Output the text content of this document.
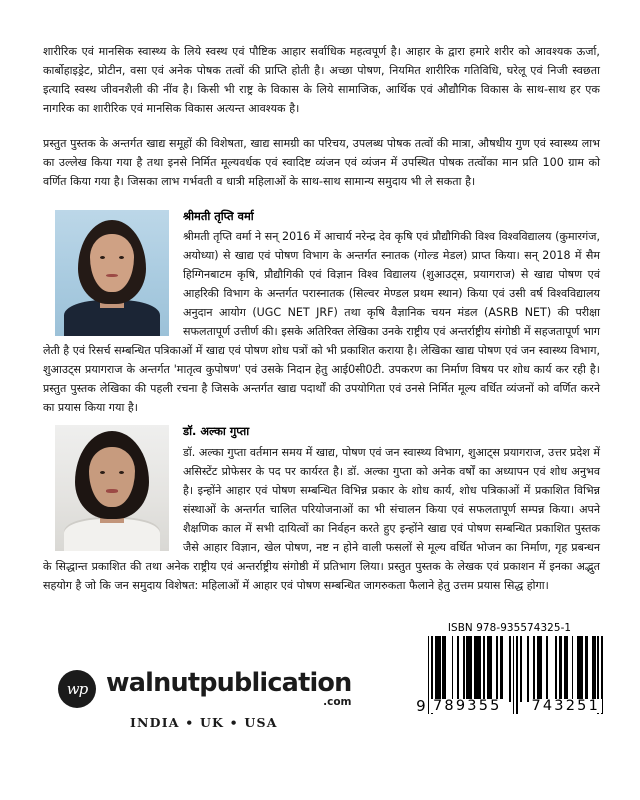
शारीरिक एवं मानसिक स्वास्थ्य के लिये स्वस्थ एवं पौष्टिक आहार सर्वाधिक महत्वपूर्ण है। आहार के द्वारा हमारे शरीर को आवश्यक ऊर्जा, कार्बोहाइड्रेट, प्रोटीन, वसा एवं अनेक पोषक तत्वों की प्राप्ति होती है। अच्छा पोषण, नियमित शारीरिक गतिविधि, घरेलू एवं निजी स्वछता इत्यादि स्वस्थ जीवनशैली की नींव है। किसी भी राष्ट्र के विकास के लिये सामाजिक, आर्थिक एवं औद्यौगिक विकास के साथ-साथ हर एक नागरिक का शारीरिक एवं मानसिक विकास अत्यन्त आवश्यक है।

प्रस्तुत पुस्तक के अन्तर्गत खाद्य समूहों की विशेषता, खाद्य सामग्री का परिचय, उपलब्ध पोषक तत्वों की मात्रा, औषधीय गुण एवं स्वास्थ्य लाभ का उल्लेख किया गया है तथा इनसे निर्मित मूल्यवर्धक एवं स्वादिष्ट व्यंजन एवं व्यंजन में उपस्थित पोषक तत्वोंका मान प्रति 100 ग्राम को वर्णित किया गया है। जिसका लाभ गर्भवती व धात्री महिलाओं के साथ-साथ सामान्य समुदाय भी ले सकता है।

श्रीमती तृप्ति वर्मा

श्रीमती तृप्ति वर्मा ने सन् 2016 में आचार्य नरेन्द्र देव कृषि एवं प्रौद्यौगिकी विश्व विश्वविद्यालय (कुमारगंज, अयोध्या) से खाद्य एवं पोषण विभाग के अन्तर्गत स्नातक (गोल्ड मेडल) प्राप्त किया। सन् 2018 में सैम हिग्गिनबाटम कृषि, प्रौद्यौगिकी एवं विज्ञान विश्व विद्यालय (शुआउट्स, प्रयागराज) से खाद्य पोषण एवं आहरिकी विभाग के अन्तर्गत परास्नातक (सिल्वर मेण्डल प्रथम स्थान) किया एवं उसी वर्ष विश्वविद्यालय अनुदान आयोग (UGC NET JRF) तथा कृषि वैज्ञानिक चयन मंडल (ASRB NET) की परीक्षा सफलतापूर्ण उत्तीर्ण की। इसके अतिरिक्त लेखिका उनके राष्ट्रीय एवं अन्तर्राष्ट्रीय संगोष्ठी में सहजतापूर्ण भाग लेती है एवं रिसर्च सम्बन्धित पत्रिकाओं में खाद्य एवं पोषण शोध पत्रों को भी प्रकाशित कराया है। लेखिका खाद्य पोषण एवं जन स्वास्थ्य विभाग, शुआउट्स प्रयागराज के अन्तर्गत 'मातृत्व कुपोषण' एवं उसके निदान हेतु आई0सी0टी. उपकरण का निर्माण विषय पर शोध कार्य कर रही है।प्रस्तुत पुस्तक लेखिका की पहली रचना है जिसके अन्तर्गत खाद्य पदार्थों की उपयोगिता एवं उनसे निर्मित मूल्य वर्धित व्यंजनों को वर्णित करने का प्रयास किया गया है।

डॉ. अल्का गुप्ता

डॉ. अल्का गुप्ता वर्तमान समय में खाद्य, पोषण एवं जन स्वास्थ्य विभाग, शुआट्स प्रयागराज, उत्तर प्रदेश में असिस्टेंट प्रोफेसर के पद पर कार्यरत है। डॉ. अल्का गुप्ता को अनेक वर्षों का अध्यापन एवं शोध अनुभव है। इन्होंने आहार एवं पोषण सम्बन्धित विभिन्न प्रकार के शोध कार्य, शोध पत्रिकाओं में प्रकाशित विभिन्न संस्थाओं के अन्तर्गत चालित परियोजनाओं का भी संचालन किया एवं सफलतापूर्ण सम्पन्न किया। अपने शैक्षणिक काल में सभी दायित्वों का निर्वहन करते हुए इन्होंने खाद्य एवं पोषण सम्बन्धित प्रकाशित पुस्तक जैसे आहार विज्ञान, खेल पोषण, नष्ट न होने वाली फसलों से मूल्य वर्धित भोजन का निर्माण, गृह प्रबन्धन के सिद्धान्त प्रकाशित की तथा अनेक राष्ट्रीय एवं अन्तर्राष्ट्रीय संगोष्ठी में प्रतिभाग लिया। प्रस्तुत पुस्तक के लेखक एवं प्रकाशन में इनका अद्भुत सहयोग है जो कि जन समुदाय विशेषत: महिलाओं में आहार एवं पोषण सम्बन्धित जागरुकता फैलाने हेतु उत्तम प्रयास सिद्ध होगा।

wp walnutpublication
.com
INDIA • UK • USA
ISBN 978-935574325-1
9 789355 743251
